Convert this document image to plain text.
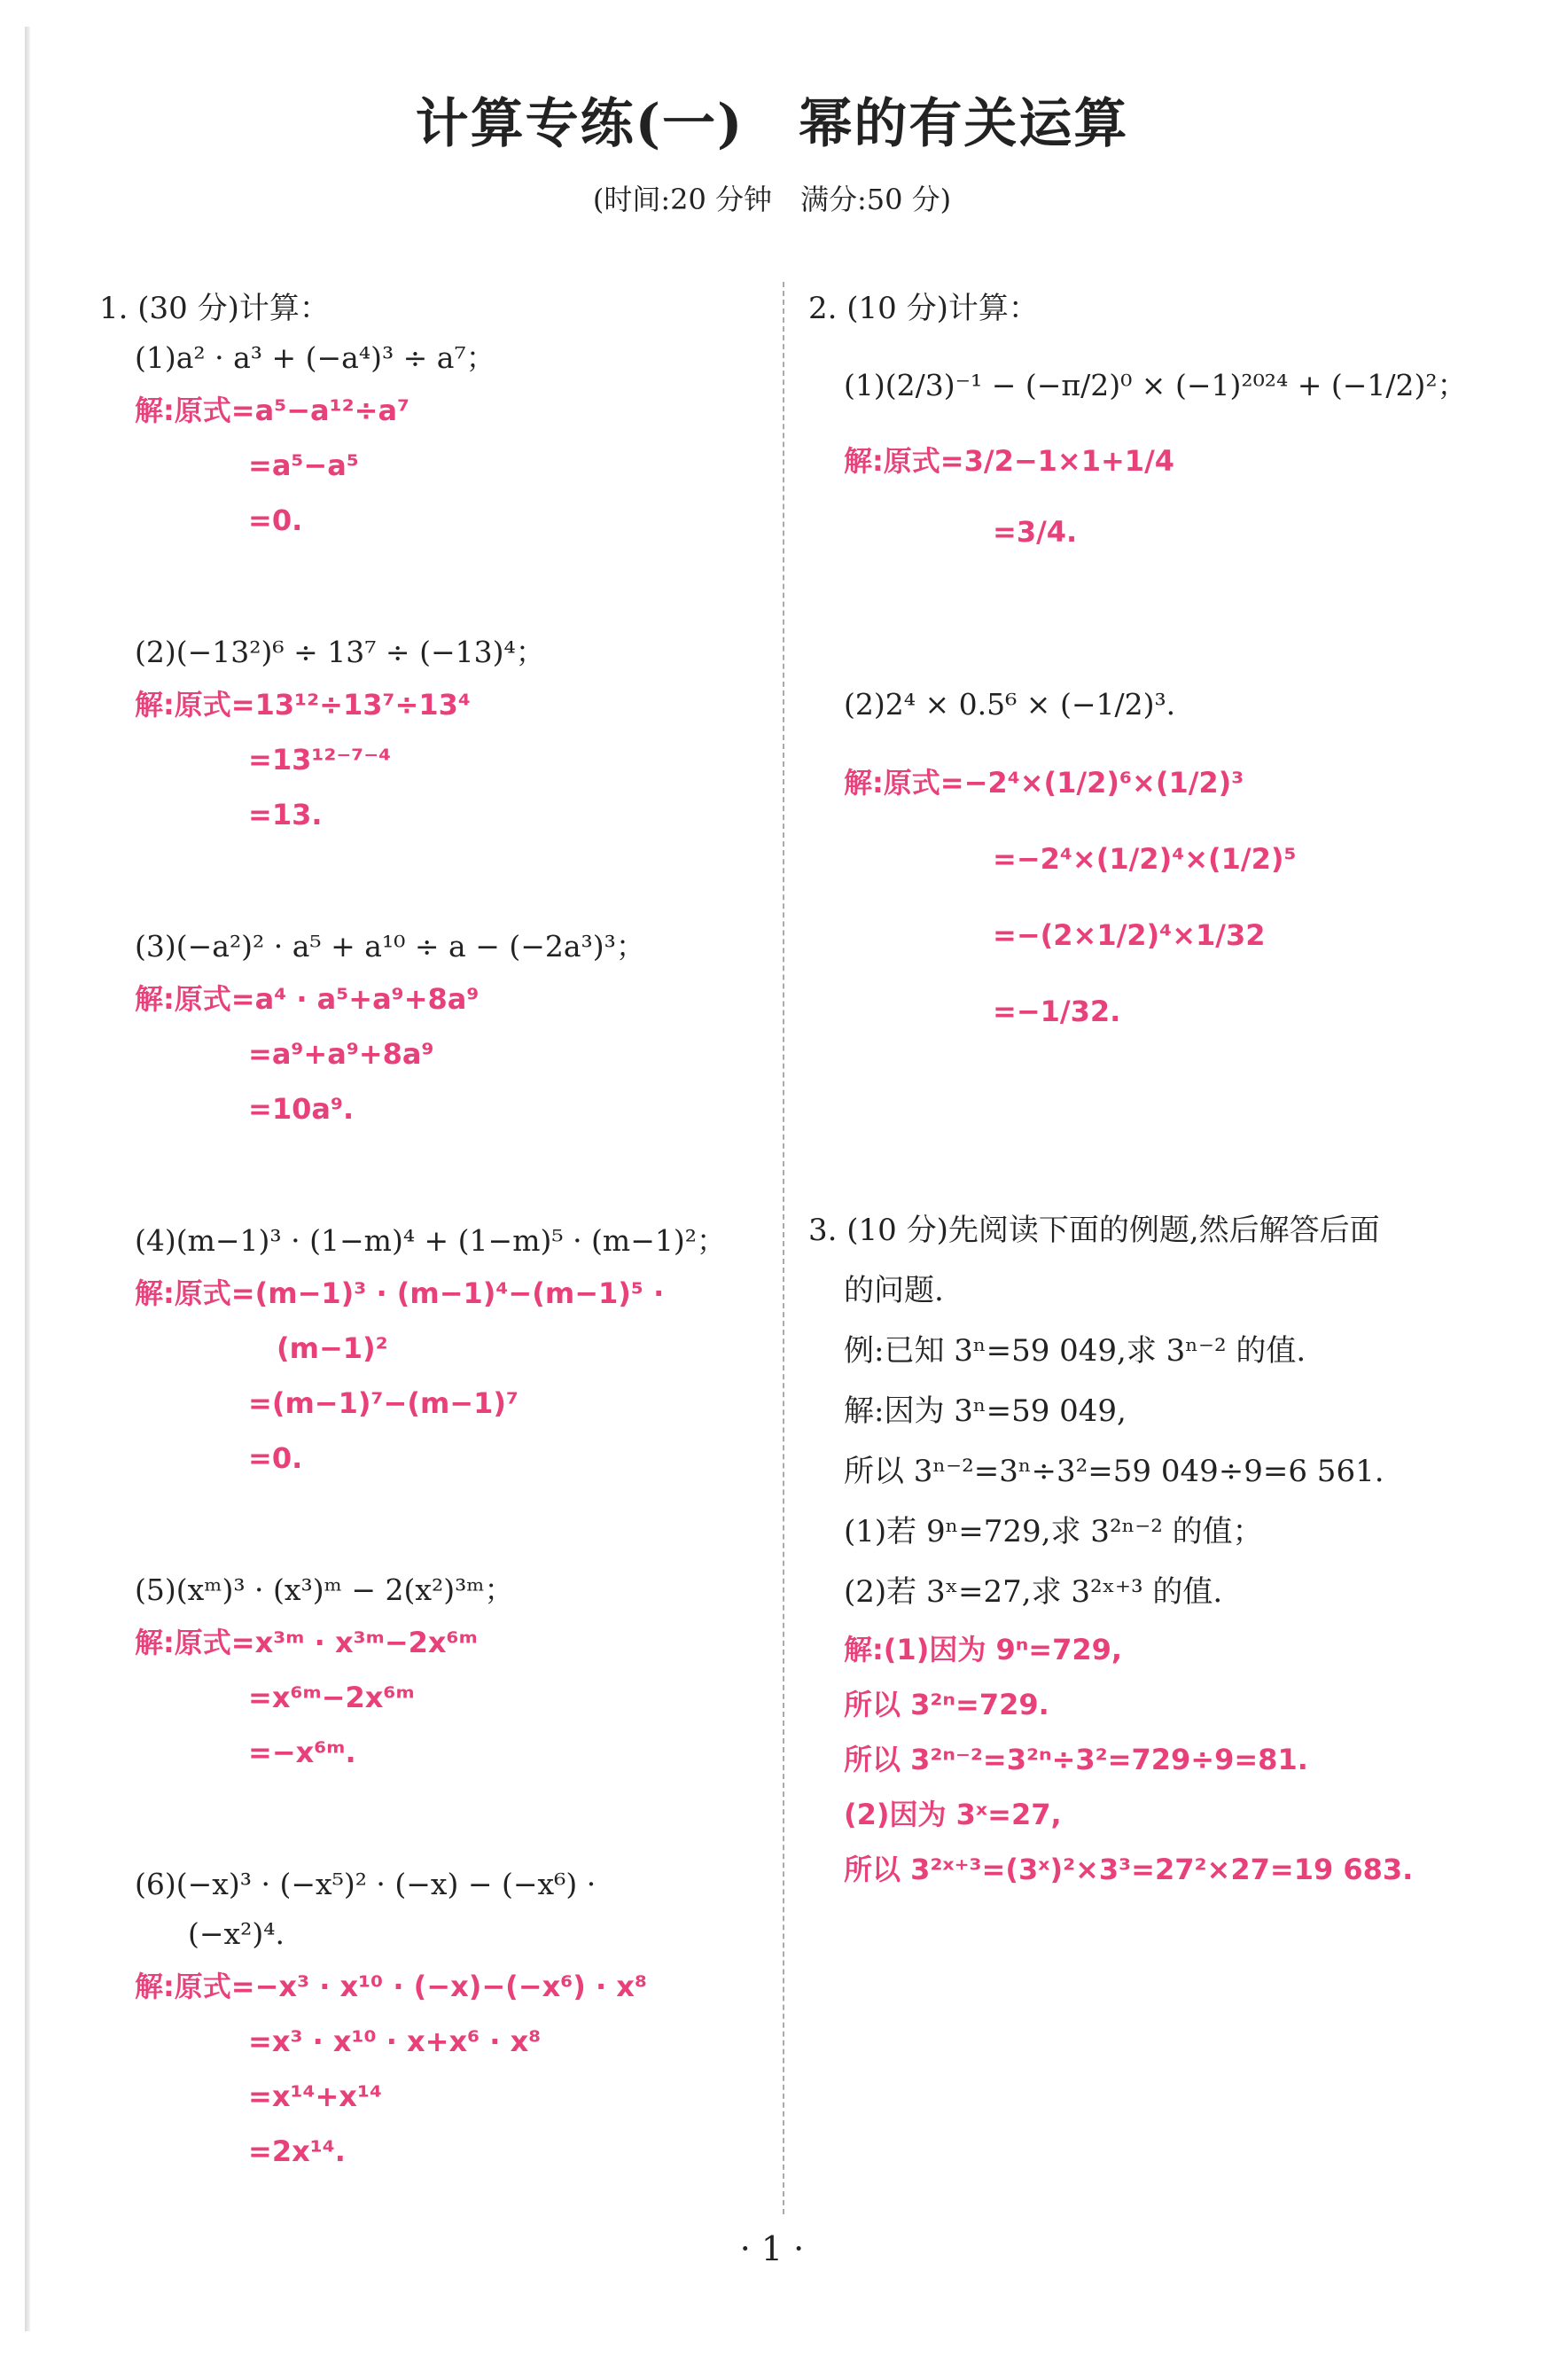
计算专练(一)　幂的有关运算
(时间:20 分钟　满分:50 分)
1. (30 分)计算：
(1)a² · a³ + (−a⁴)³ ÷ a⁷；
解:原式=a⁵−a¹²÷a⁷
=a⁵−a⁵
=0.
(2)(−13²)⁶ ÷ 13⁷ ÷ (−13)⁴；
解:原式=13¹²÷13⁷÷13⁴
=13¹²⁻⁷⁻⁴
=13.
(3)(−a²)² · a⁵ + a¹⁰ ÷ a − (−2a³)³；
解:原式=a⁴ · a⁵+a⁹+8a⁹
=a⁹+a⁹+8a⁹
=10a⁹.
(4)(m−1)³ · (1−m)⁴ + (1−m)⁵ · (m−1)²；
解:原式=(m−1)³ · (m−1)⁴−(m−1)⁵ ·
(m−1)²
=(m−1)⁷−(m−1)⁷
=0.
(5)(xᵐ)³ · (x³)ᵐ − 2(x²)³ᵐ；
解:原式=x³ᵐ · x³ᵐ−2x⁶ᵐ
=x⁶ᵐ−2x⁶ᵐ
=−x⁶ᵐ.
(6)(−x)³ · (−x⁵)² · (−x) − (−x⁶) ·
(−x²)⁴.
解:原式=−x³ · x¹⁰ · (−x)−(−x⁶) · x⁸
=x³ · x¹⁰ · x+x⁶ · x⁸
=x¹⁴+x¹⁴
=2x¹⁴.
2. (10 分)计算：
(1)(2/3)⁻¹ − (−π/2)⁰ × (−1)²⁰²⁴ + (−1/2)²；
解:原式=3/2−1×1+1/4
=3/4.
(2)2⁴ × 0.5⁶ × (−1/2)³.
解:原式=−2⁴×(1/2)⁶×(1/2)³
=−2⁴×(1/2)⁴×(1/2)⁵
=−(2×1/2)⁴×1/32
=−1/32.
3. (10 分)先阅读下面的例题,然后解答后面
的问题.
例:已知 3ⁿ=59 049,求 3ⁿ⁻² 的值.
解:因为 3ⁿ=59 049,
所以 3ⁿ⁻²=3ⁿ÷3²=59 049÷9=6 561.
(1)若 9ⁿ=729,求 3²ⁿ⁻² 的值；
(2)若 3ˣ=27,求 3²ˣ⁺³ 的值.
解:(1)因为 9ⁿ=729,
所以 3²ⁿ=729.
所以 3²ⁿ⁻²=3²ⁿ÷3²=729÷9=81.
(2)因为 3ˣ=27,
所以 3²ˣ⁺³=(3ˣ)²×3³=27²×27=19 683.
· 1 ·
